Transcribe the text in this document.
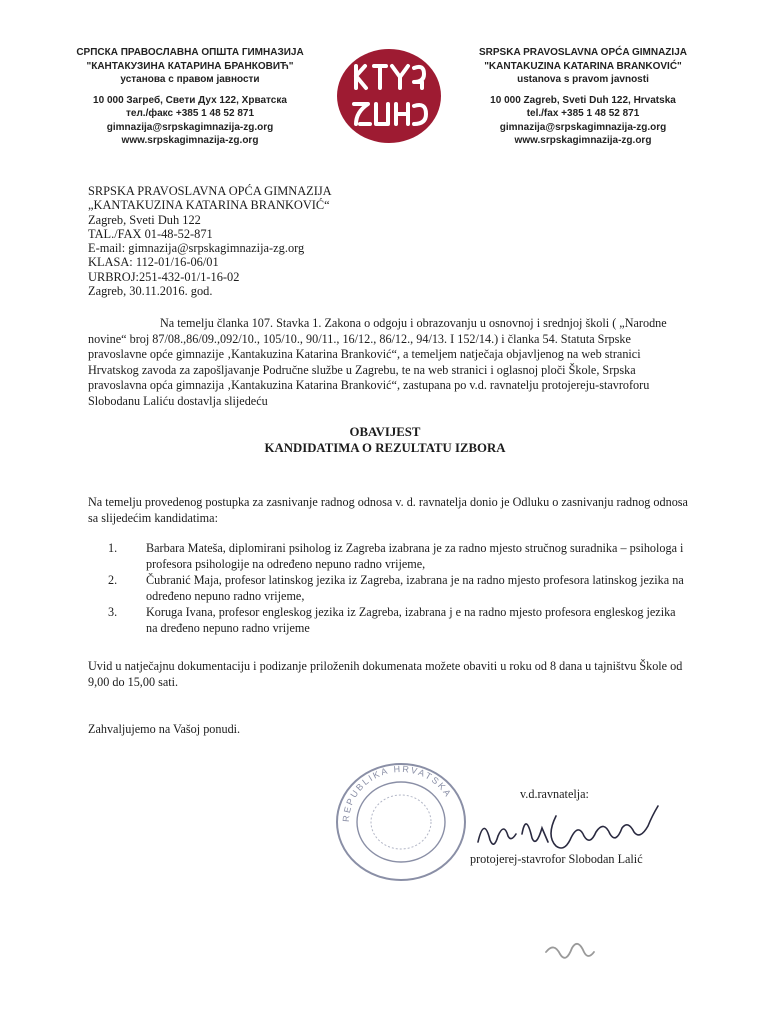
СРПСКА ПРАВОСЛАВНА ОПШТА ГИМНАЗИЈА
"КАНТАКУЗИНА КАТАРИНА БРАНКОВИЋ"
установа с правом јавности
10 000 Загреб, Свети Дух 122, Хрватска
тел./факс +385 1 48 52 871
gimnazija@srpskagimnazija-zg.org
www.srpskagimnazija-zg.org
SRPSKA PRAVOSLAVNA OPĆA GIMNAZIJA
"KANTAKUZINA KATARINA BRANKOVIĆ"
ustanova s pravom javnosti
10 000 Zagreb, Sveti Duh 122, Hrvatska
tel./fax +385 1 48 52 871
gimnazija@srpskagimnazija-zg.org
www.srpskagimnazija-zg.org
SRPSKA PRAVOSLAVNA OPĆA GIMNAZIJA
„KANTAKUZINA KATARINA BRANKOVIĆ“
Zagreb, Sveti Duh 122
TAL./FAX 01-48-52-871
E-mail: gimnazija@srpskagimnazija-zg.org
KLASA: 112-01/16-06/01
URBROJ:251-432-01/1-16-02
Zagreb, 30.11.2016. god.
Na temelju članka 107. Stavka 1. Zakona o odgoju i obrazovanju u osnovnoj i srednjoj školi ( „Narodne novine“ broj 87/08.,86/09.,092/10., 105/10., 90/11., 16/12., 86/12., 94/13. I 152/14.) i članka 54. Statuta Srpske pravoslavne opće gimnazije ‚Kantakuzina Katarina Branković“, a temeljem natječaja objavljenog na web stranici Hrvatskog zavoda za zapošljavanje Područne službe u Zagrebu, te na web stranici i oglasnoj ploči Škole, Srpska pravoslavna opća gimnazija ‚Kantakuzina Katarina Branković“, zastupana po v.d. ravnatelju protojereju-stavroforu Slobodanu Laliću dostavlja slijedeću
OBAVIJEST
KANDIDATIMA O REZULTATU IZBORA
Na temelju provedenog postupka za zasnivanje radnog odnosa v. d. ravnatelja donio je Odluku o zasnivanju radnog odnosa sa slijedećim kandidatima:
1. Barbara Mateša, diplomirani psiholog iz Zagreba izabrana je za radno mjesto stručnog suradnika – psihologa i profesora psihologije na određeno nepuno radno vrijeme,
2. Čubranić Maja, profesor latinskog jezika iz Zagreba, izabrana je na radno mjesto profesora latinskog jezika na određeno nepuno radno vrijeme,
3. Koruga Ivana, profesor engleskog jezika iz Zagreba, izabrana j e na radno mjesto profesora engleskog jezika na dređeno nepuno radno vrijeme
Uvid u natječajnu dokumentaciju i podizanje priloženih dokumenata možete obaviti u roku od 8 dana u tajništvu Škole od 9,00 do 15,00 sati.
Zahvaljujemo na Vašoj ponudi.
REPUBLIKA HRVATSKA	v.d.ravnatelja:
protojerej-stavrofor Slobodan Lalić
